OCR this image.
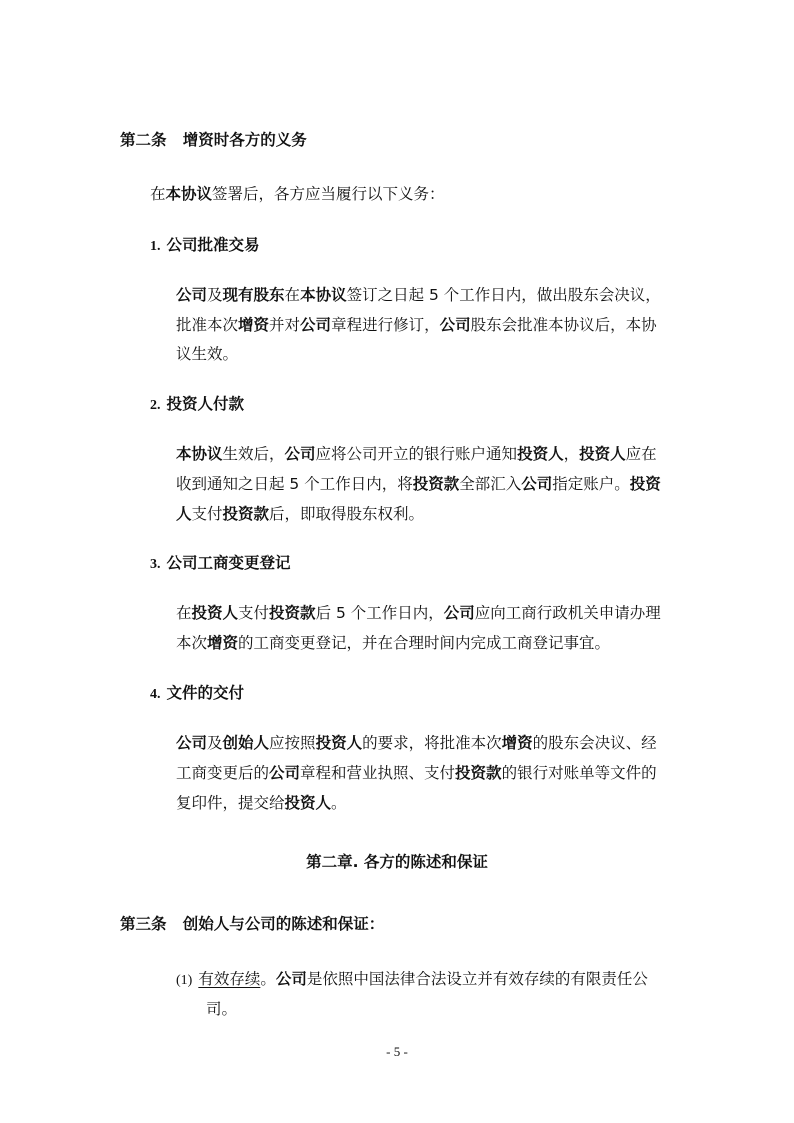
第二条 增资时各方的义务
在本协议签署后，各方应当履行以下义务：
1. 公司批准交易
公司及现有股东在本协议签订之日起 5 个工作日内，做出股东会决议，
批准本次增资并对公司章程进行修订，公司股东会批准本协议后，本协
议生效。
2. 投资人付款
本协议生效后，公司应将公司开立的银行账户通知投资人，投资人应在
收到通知之日起 5 个工作日内，将投资款全部汇入公司指定账户。投资
人支付投资款后，即取得股东权利。
3. 公司工商变更登记
在投资人支付投资款后 5 个工作日内，公司应向工商行政机关申请办理
本次增资的工商变更登记，并在合理时间内完成工商登记事宜。
4. 文件的交付
公司及创始人应按照投资人的要求，将批准本次增资的股东会决议、经
工商变更后的公司章程和营业执照、支付投资款的银行对账单等文件的
复印件，提交给投资人。
第二章. 各方的陈述和保证
第三条 创始人与公司的陈述和保证：
(1) 有效存续。公司是依照中国法律合法设立并有效存续的有限责任公
司。
- 5 -
